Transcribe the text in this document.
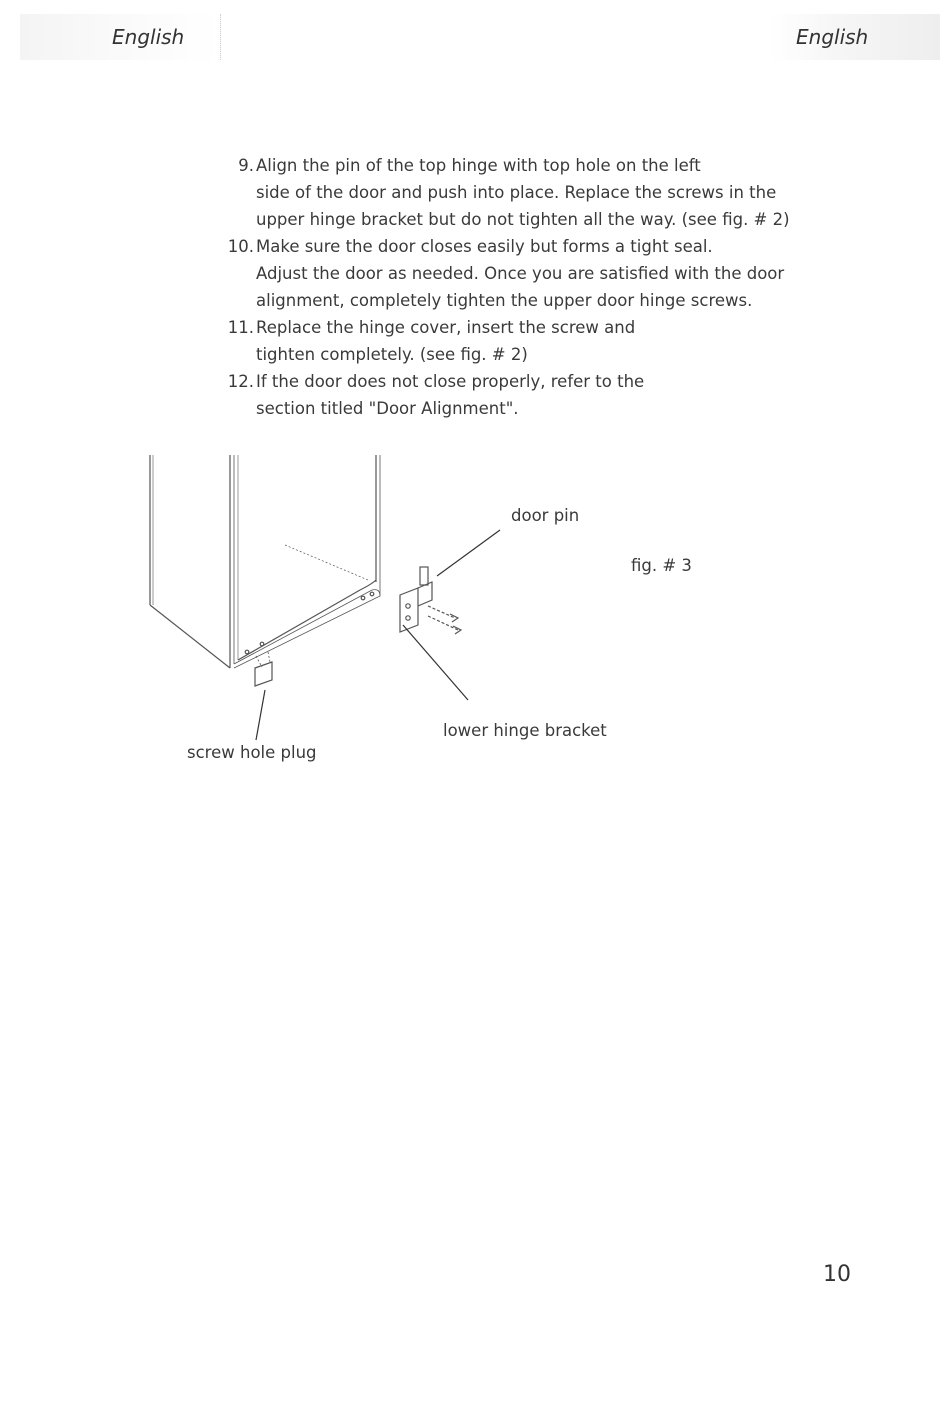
English	English
9. Align the pin of the top hinge with top hole on the left
side of the door and push into place. Replace the screws in the
upper hinge bracket but do not tighten all the way. (see fig. # 2)
10. Make sure the door closes easily but forms a tight seal.
Adjust the door as needed. Once you are satisfied with the door
alignment, completely tighten the upper door hinge screws.
11. Replace the hinge cover, insert the screw and
tighten completely. (see fig. # 2)
12. If the door does not close properly, refer to the
section titled "Door Alignment".
door pin
fig. # 3
lower hinge bracket
screw hole plug
10
